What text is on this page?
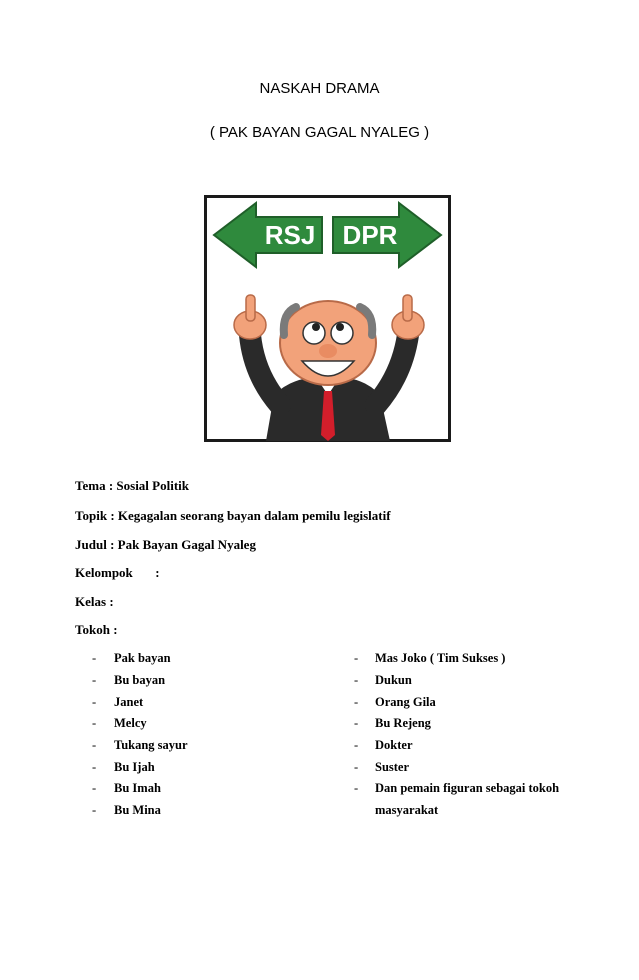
NASKAH DRAMA
( PAK BAYAN GAGAL NYALEG )
RSJ DPR
Tema : Sosial Politik
Topik : Kegagalan seorang bayan dalam pemilu legislatif
Judul : Pak Bayan Gagal Nyaleg
Kelompok :
Kelas :
Tokoh :
- Pak bayan
- Bu bayan
- Janet
- Melcy
- Tukang sayur
- Bu Ijah
- Bu Imah
- Bu Mina
- Mas Joko ( Tim Sukses )
- Dukun
- Orang Gila
- Bu Rejeng
- Dokter
- Suster
- Dan pemain figuran sebagai tokoh
masyarakat
